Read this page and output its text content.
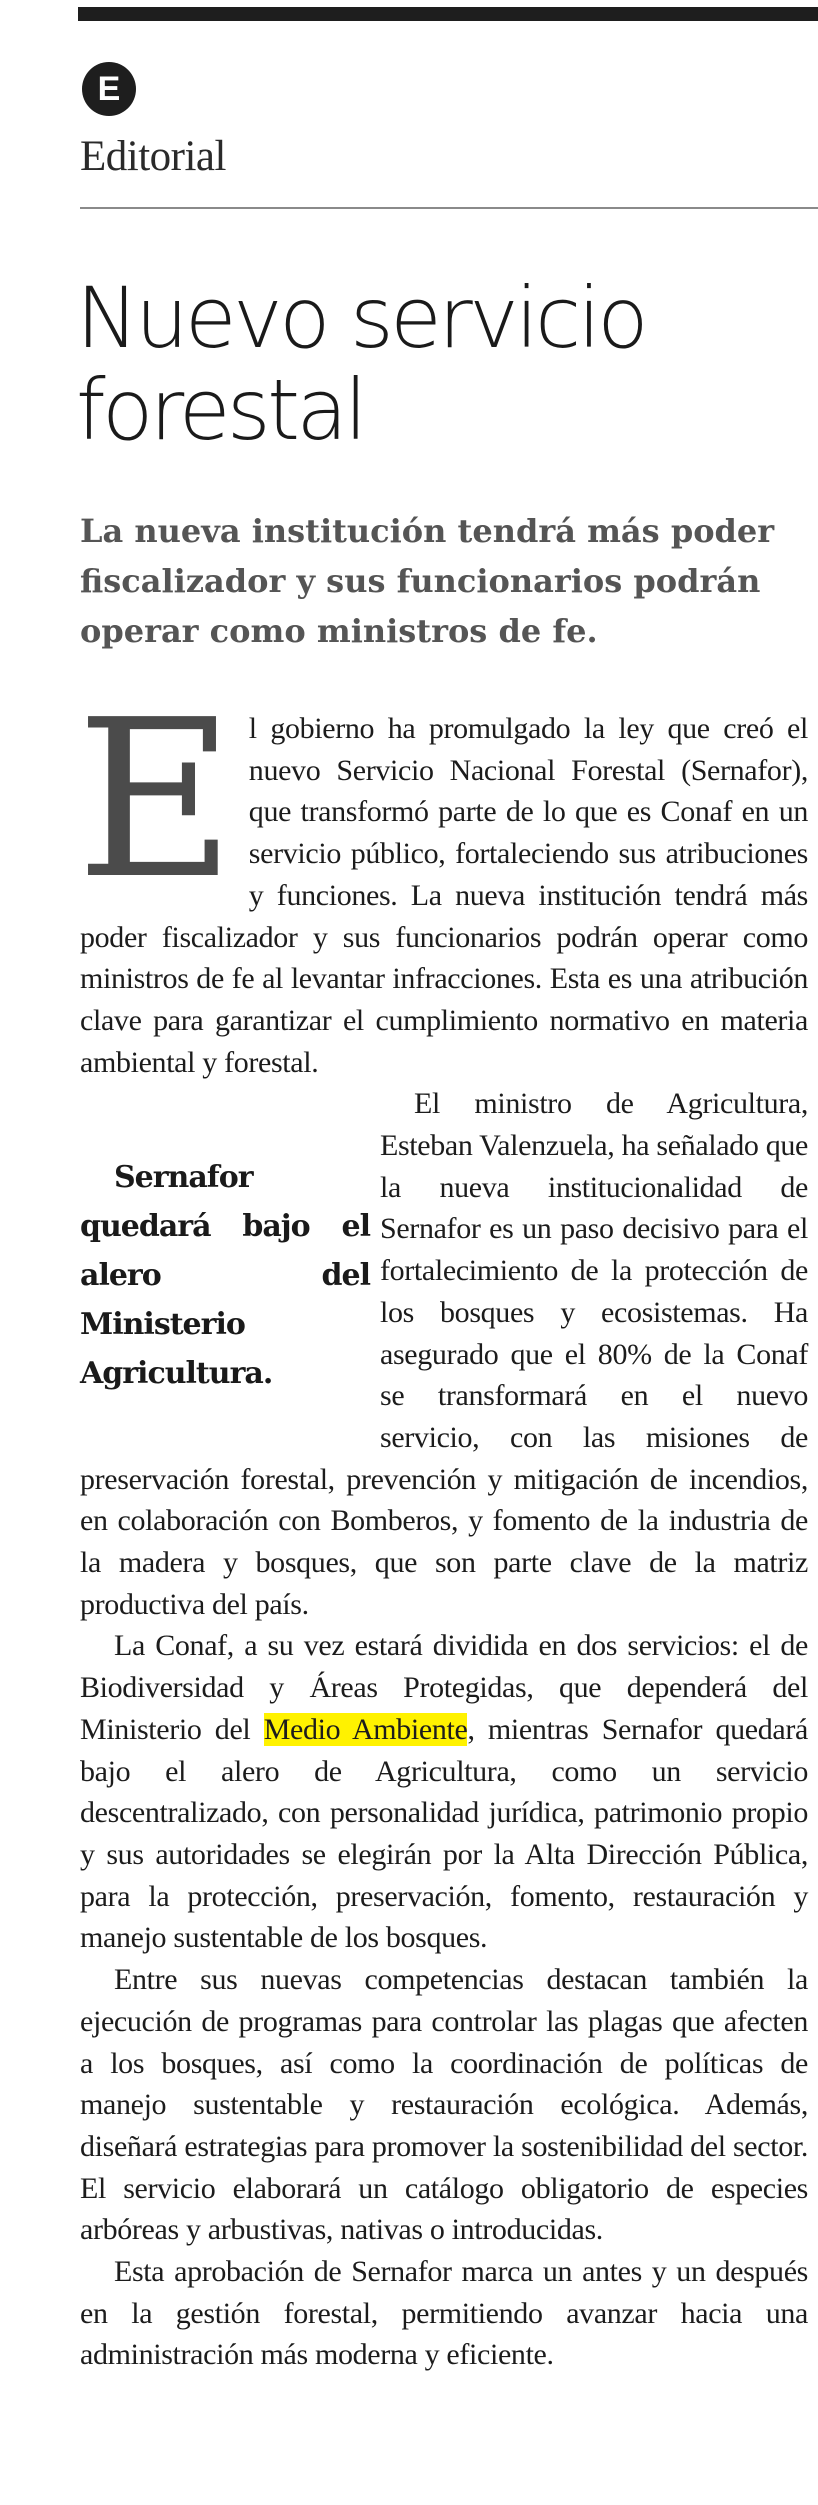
E
Editorial
Nuevo servicio forestal
La nueva institución tendrá más poder fiscalizador y sus funcionarios podrán operar como ministros de fe.

El gobierno ha promulgado la ley que creó el nuevo Servicio Nacional Forestal (Sernafor), que transformó parte de lo que es Conaf en un servicio público, fortaleciendo sus atribuciones y funciones. La nueva institución tendrá más poder fiscalizador y sus funcionarios podrán operar como ministros de fe al levantar infracciones. Esta es una atribución clave para garantizar el cumplimiento normativo en materia ambiental y forestal.

Sernafor quedará bajo el alero del Ministerio Agricultura.
El ministro de Agricultura, Esteban Valenzuela, ha señalado que la nueva institucionalidad de Sernafor es un paso decisivo para el fortalecimiento de la protección de los bosques y ecosistemas. Ha asegurado que el 80% de la Conaf se transformará en el nuevo servicio, con las misiones de preservación forestal, prevención y mitigación de incendios, en colaboración con Bomberos, y fomento de la industria de la madera y bosques, que son parte clave de la matriz productiva del país.

La Conaf, a su vez estará dividida en dos servicios: el de Biodiversidad y Áreas Protegidas, que dependerá del Ministerio del Medio Ambiente, mientras Sernafor quedará bajo el alero de Agricultura, como un servicio descentralizado, con personalidad jurídica, patrimonio propio y sus autoridades se elegirán por la Alta Dirección Pública, para la protección, preservación, fomento, restauración y manejo sustentable de los bosques.

Entre sus nuevas competencias destacan también la ejecución de programas para controlar las plagas que afecten a los bosques, así como la coordinación de políticas de manejo sustentable y restauración ecológica. Además, diseñará estrategias para promover la sostenibilidad del sector. El servicio elaborará un catálogo obligatorio de especies arbóreas y arbustivas, nativas o introducidas.

Esta aprobación de Sernafor marca un antes y un después en la gestión forestal, permitiendo avanzar hacia una administración más moderna y eficiente.
